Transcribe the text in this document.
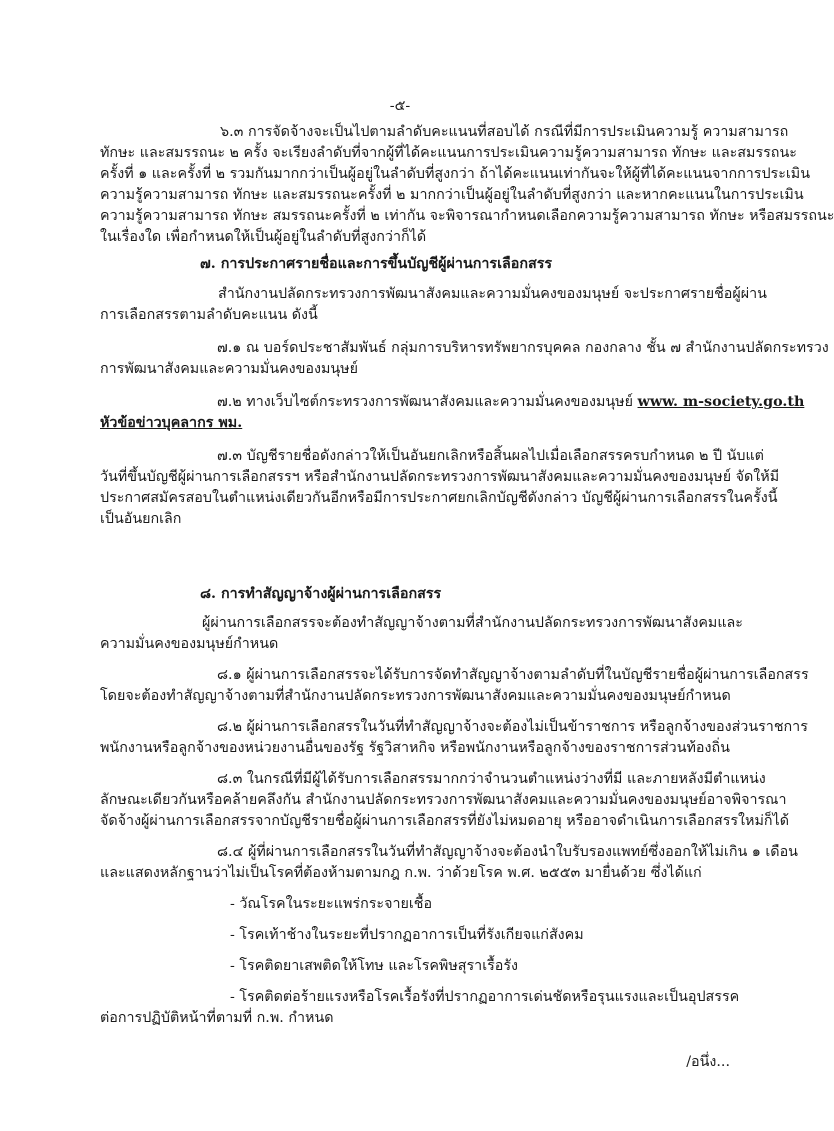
-๕-
๖.๓ การจัดจ้างจะเป็นไปตามลำดับคะแนนที่สอบได้ กรณีที่มีการประเมินความรู้ ความสามารถ
ทักษะ และสมรรถนะ ๒ ครั้ง จะเรียงลำดับที่จากผู้ที่ได้คะแนนการประเมินความรู้ความสามารถ ทักษะ และสมรรถนะ
ครั้งที่ ๑ และครั้งที่ ๒ รวมกันมากกว่าเป็นผู้อยู่ในลำดับที่สูงกว่า ถ้าได้คะแนนเท่ากันจะให้ผู้ที่ได้คะแนนจากการประเมิน
ความรู้ความสามารถ ทักษะ และสมรรถนะครั้งที่ ๒ มากกว่าเป็นผู้อยู่ในลำดับที่สูงกว่า และหากคะแนนในการประเมิน
ความรู้ความสามารถ ทักษะ สมรรถนะครั้งที่ ๒ เท่ากัน จะพิจารณากำหนดเลือกความรู้ความสามารถ ทักษะ หรือสมรรถนะ
ในเรื่องใด เพื่อกำหนดให้เป็นผู้อยู่ในลำดับที่สูงกว่าก็ได้
๗. การประกาศรายชื่อและการขึ้นบัญชีผู้ผ่านการเลือกสรร
สำนักงานปลัดกระทรวงการพัฒนาสังคมและความมั่นคงของมนุษย์ จะประกาศรายชื่อผู้ผ่าน
การเลือกสรรตามลำดับคะแนน ดังนี้
๗.๑ ณ บอร์ดประชาสัมพันธ์ กลุ่มการบริหารทรัพยากรบุคคล กองกลาง ชั้น ๗ สำนักงานปลัดกระทรวง
การพัฒนาสังคมและความมั่นคงของมนุษย์
๗.๒ ทางเว็บไซต์กระทรวงการพัฒนาสังคมและความมั่นคงของมนุษย์ www. m-society.go.th
หัวข้อข่าวบุคลากร พม.
๗.๓ บัญชีรายชื่อดังกล่าวให้เป็นอันยกเลิกหรือสิ้นผลไปเมื่อเลือกสรรครบกำหนด ๒ ปี นับแต่
วันที่ขึ้นบัญชีผู้ผ่านการเลือกสรรฯ หรือสำนักงานปลัดกระทรวงการพัฒนาสังคมและความมั่นคงของมนุษย์ จัดให้มี
ประกาศสมัครสอบในตำแหน่งเดียวกันอีกหรือมีการประกาศยกเลิกบัญชีดังกล่าว บัญชีผู้ผ่านการเลือกสรรในครั้งนี้
เป็นอันยกเลิก
๘. การทำสัญญาจ้างผู้ผ่านการเลือกสรร
ผู้ผ่านการเลือกสรรจะต้องทำสัญญาจ้างตามที่สำนักงานปลัดกระทรวงการพัฒนาสังคมและ
ความมั่นคงของมนุษย์กำหนด
๘.๑ ผู้ผ่านการเลือกสรรจะได้รับการจัดทำสัญญาจ้างตามลำดับที่ในบัญชีรายชื่อผู้ผ่านการเลือกสรร
โดยจะต้องทำสัญญาจ้างตามที่สำนักงานปลัดกระทรวงการพัฒนาสังคมและความมั่นคงของมนุษย์กำหนด
๘.๒ ผู้ผ่านการเลือกสรรในวันที่ทำสัญญาจ้างจะต้องไม่เป็นข้าราชการ หรือลูกจ้างของส่วนราชการ
พนักงานหรือลูกจ้างของหน่วยงานอื่นของรัฐ รัฐวิสาหกิจ หรือพนักงานหรือลูกจ้างของราชการส่วนท้องถิ่น
๘.๓ ในกรณีที่มีผู้ได้รับการเลือกสรรมากกว่าจำนวนตำแหน่งว่างที่มี และภายหลังมีตำแหน่ง
ลักษณะเดียวกันหรือคล้ายคลึงกัน สำนักงานปลัดกระทรวงการพัฒนาสังคมและความมั่นคงของมนุษย์อาจพิจารณา
จัดจ้างผู้ผ่านการเลือกสรรจากบัญชีรายชื่อผู้ผ่านการเลือกสรรที่ยังไม่หมดอายุ หรืออาจดำเนินการเลือกสรรใหม่ก็ได้
๘.๔ ผู้ที่ผ่านการเลือกสรรในวันที่ทำสัญญาจ้างจะต้องนำใบรับรองแพทย์ซึ่งออกให้ไม่เกิน ๑ เดือน
และแสดงหลักฐานว่าไม่เป็นโรคที่ต้องห้ามตามกฎ ก.พ. ว่าด้วยโรค พ.ศ. ๒๕๕๓ มายื่นด้วย ซึ่งได้แก่
- วัณโรคในระยะแพร่กระจายเชื้อ
- โรคเท้าช้างในระยะที่ปรากฏอาการเป็นที่รังเกียจแก่สังคม
- โรคติดยาเสพติดให้โทษ และโรคพิษสุราเรื้อรัง
- โรคติดต่อร้ายแรงหรือโรคเรื้อรังที่ปรากฏอาการเด่นชัดหรือรุนแรงและเป็นอุปสรรค
ต่อการปฏิบัติหน้าที่ตามที่ ก.พ. กำหนด
/อนึ่ง...
